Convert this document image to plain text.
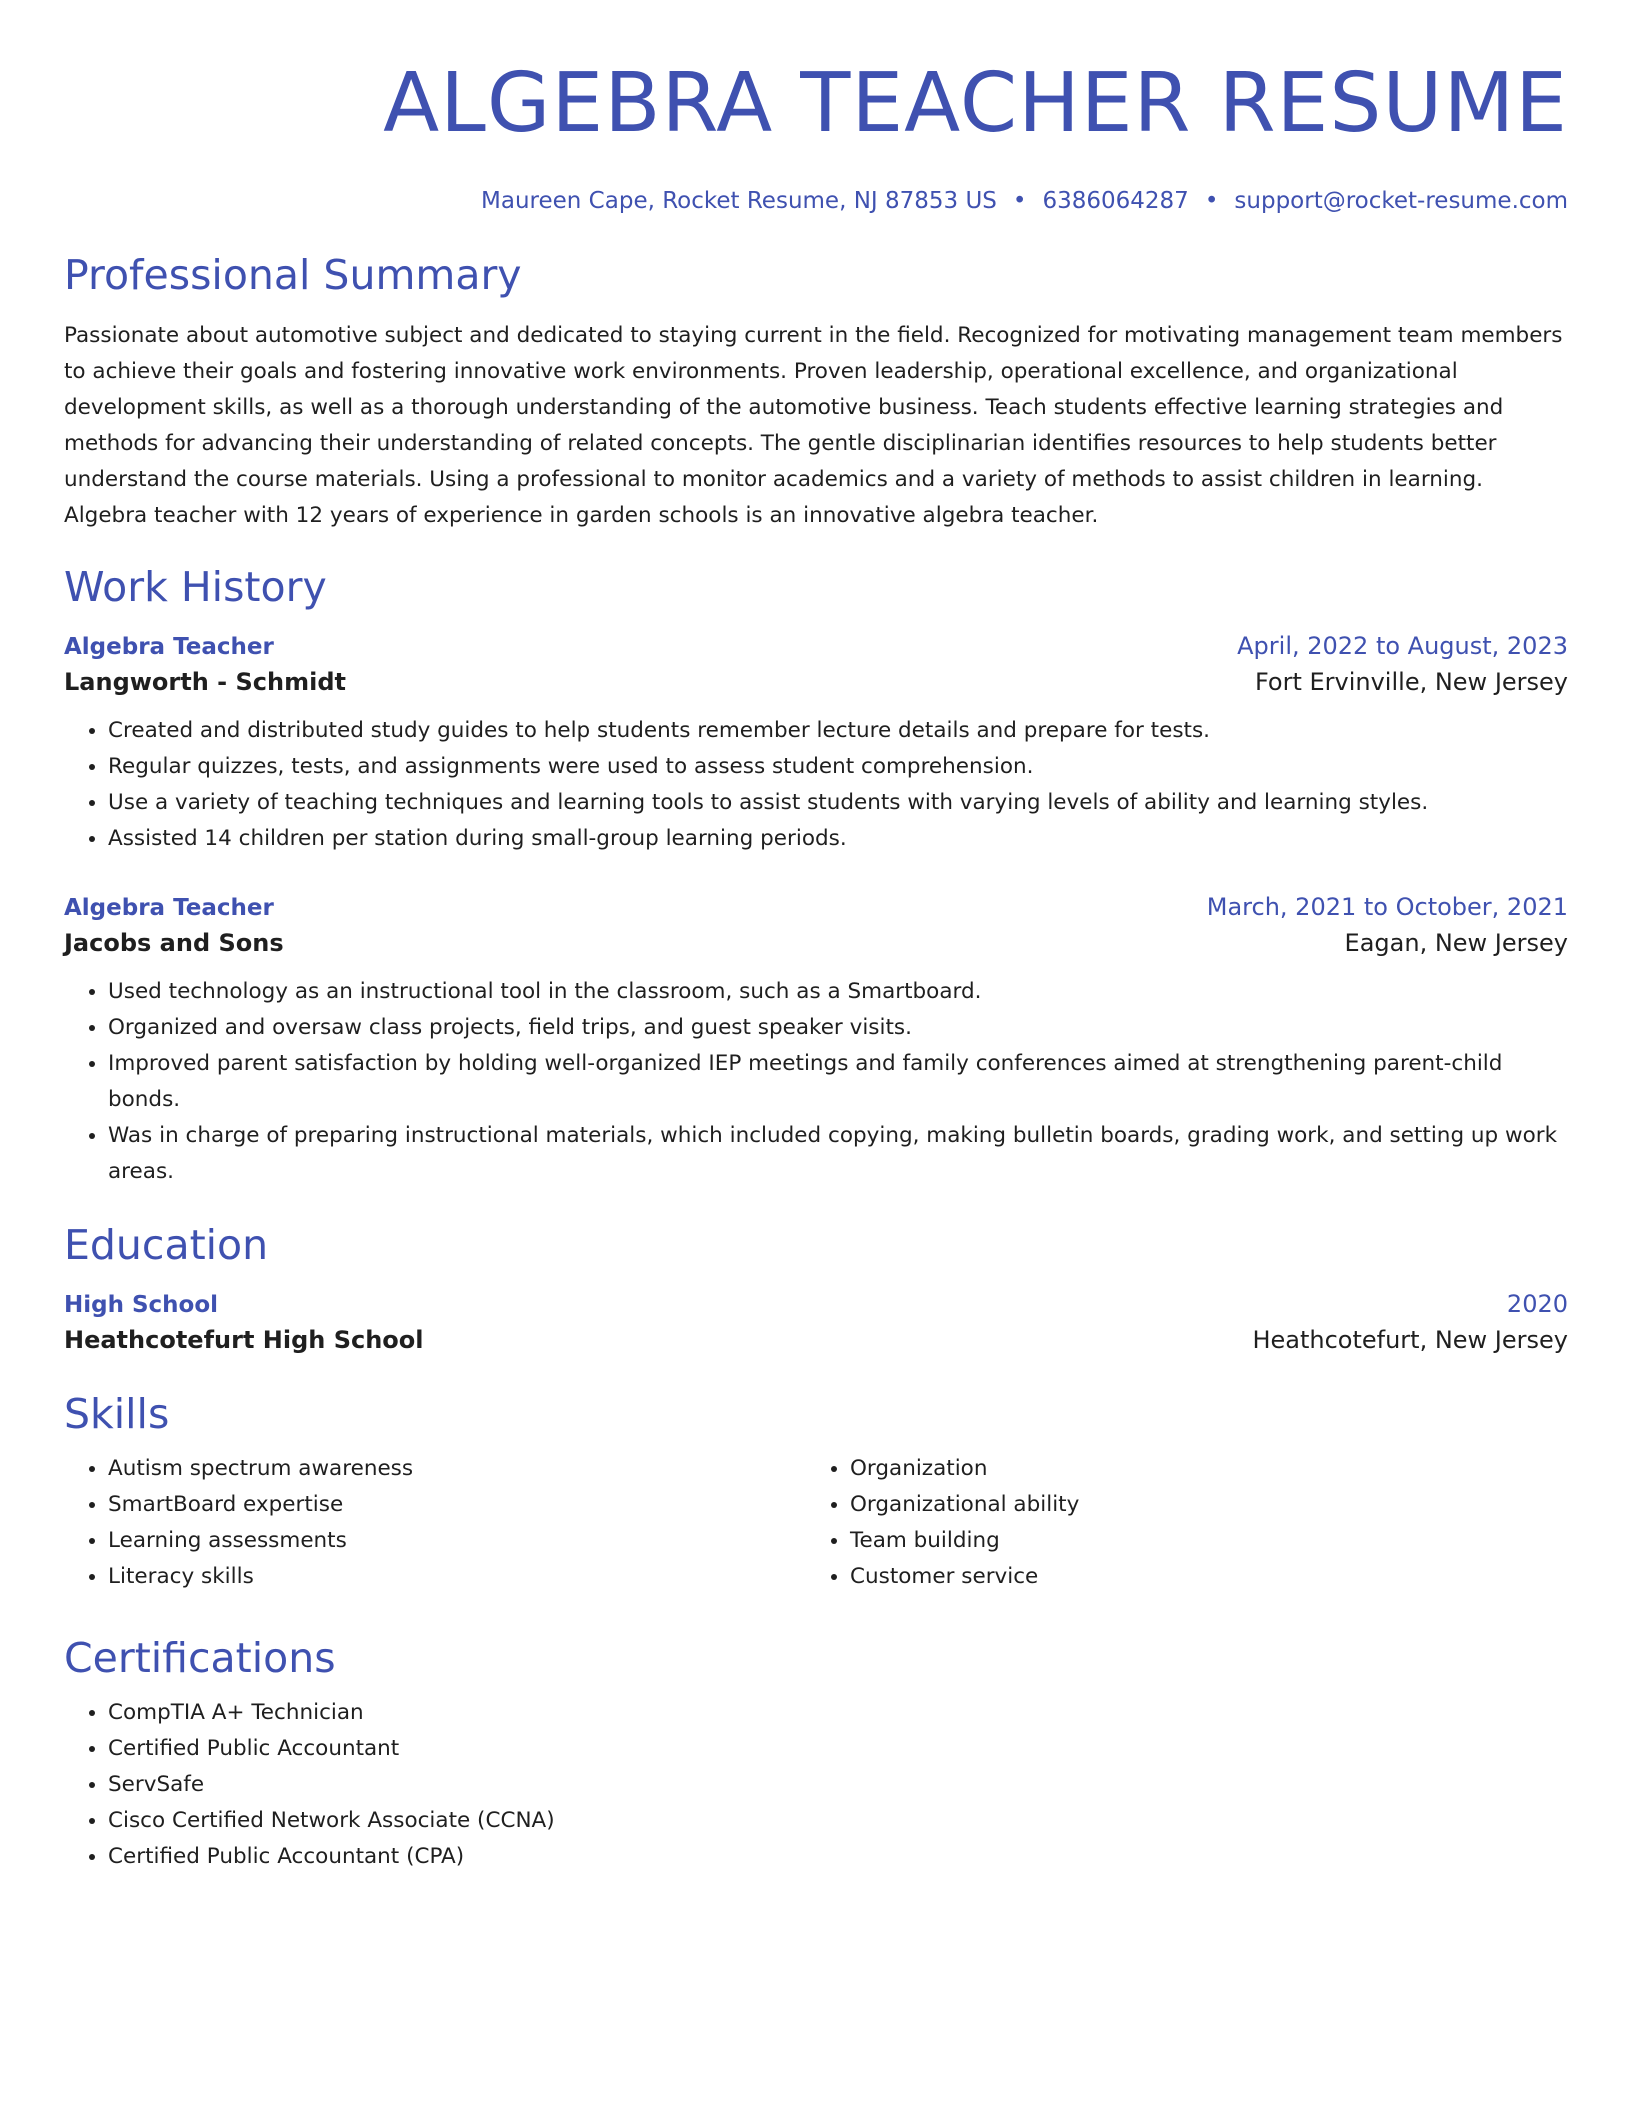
ALGEBRA TEACHER RESUME
Maureen Cape, Rocket Resume, NJ 87853 US • 6386064287 • support@rocket-resume.com
Professional Summary
Passionate about automotive subject and dedicated to staying current in the field. Recognized for motivating management team members to achieve their goals and fostering innovative work environments. Proven leadership, operational excellence, and organizational development skills, as well as a thorough understanding of the automotive business. Teach students effective learning strategies and methods for advancing their understanding of related concepts. The gentle disciplinarian identifies resources to help students better understand the course materials. Using a professional to monitor academics and a variety of methods to assist children in learning. Algebra teacher with 12 years of experience in garden schools is an innovative algebra teacher.
Work History
Algebra Teacher	April, 2022 to August, 2023
Langworth - Schmidt	Fort Ervinville, New Jersey
• Created and distributed study guides to help students remember lecture details and prepare for tests.
• Regular quizzes, tests, and assignments were used to assess student comprehension.
• Use a variety of teaching techniques and learning tools to assist students with varying levels of ability and learning styles.
• Assisted 14 children per station during small-group learning periods.
Algebra Teacher	March, 2021 to October, 2021
Jacobs and Sons	Eagan, New Jersey
• Used technology as an instructional tool in the classroom, such as a Smartboard.
• Organized and oversaw class projects, field trips, and guest speaker visits.
• Improved parent satisfaction by holding well-organized IEP meetings and family conferences aimed at strengthening parent-child bonds.
• Was in charge of preparing instructional materials, which included copying, making bulletin boards, grading work, and setting up work areas.
Education
High School	2020
Heathcotefurt High School	Heathcotefurt, New Jersey
Skills
• Autism spectrum awareness
• SmartBoard expertise
• Learning assessments
• Literacy skills
• Organization
• Organizational ability
• Team building
• Customer service
Certifications
• CompTIA A+ Technician
• Certified Public Accountant
• ServSafe
• Cisco Certified Network Associate (CCNA)
• Certified Public Accountant (CPA)
